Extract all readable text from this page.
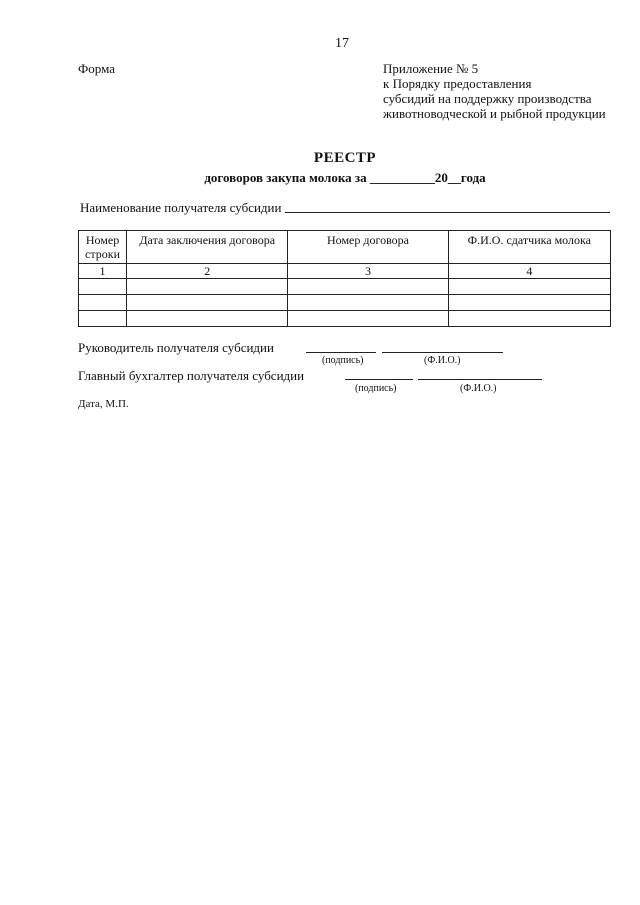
17
Форма	Приложение № 5
к Порядку предоставления
субсидий на поддержку производства
животноводческой и рыбной продукции
РЕЕСТР
договоров закупа молока за __________20__года
Наименование получателя субсидии
Номер строки	Дата заключения договора	Номер договора	Ф.И.О. сдатчика молока
1	2	3	4

Руководитель получателя субсидии
(подпись)	(Ф.И.О.)
Главный бухгалтер получателя субсидии
(подпись)	(Ф.И.О.)
Дата, М.П.
